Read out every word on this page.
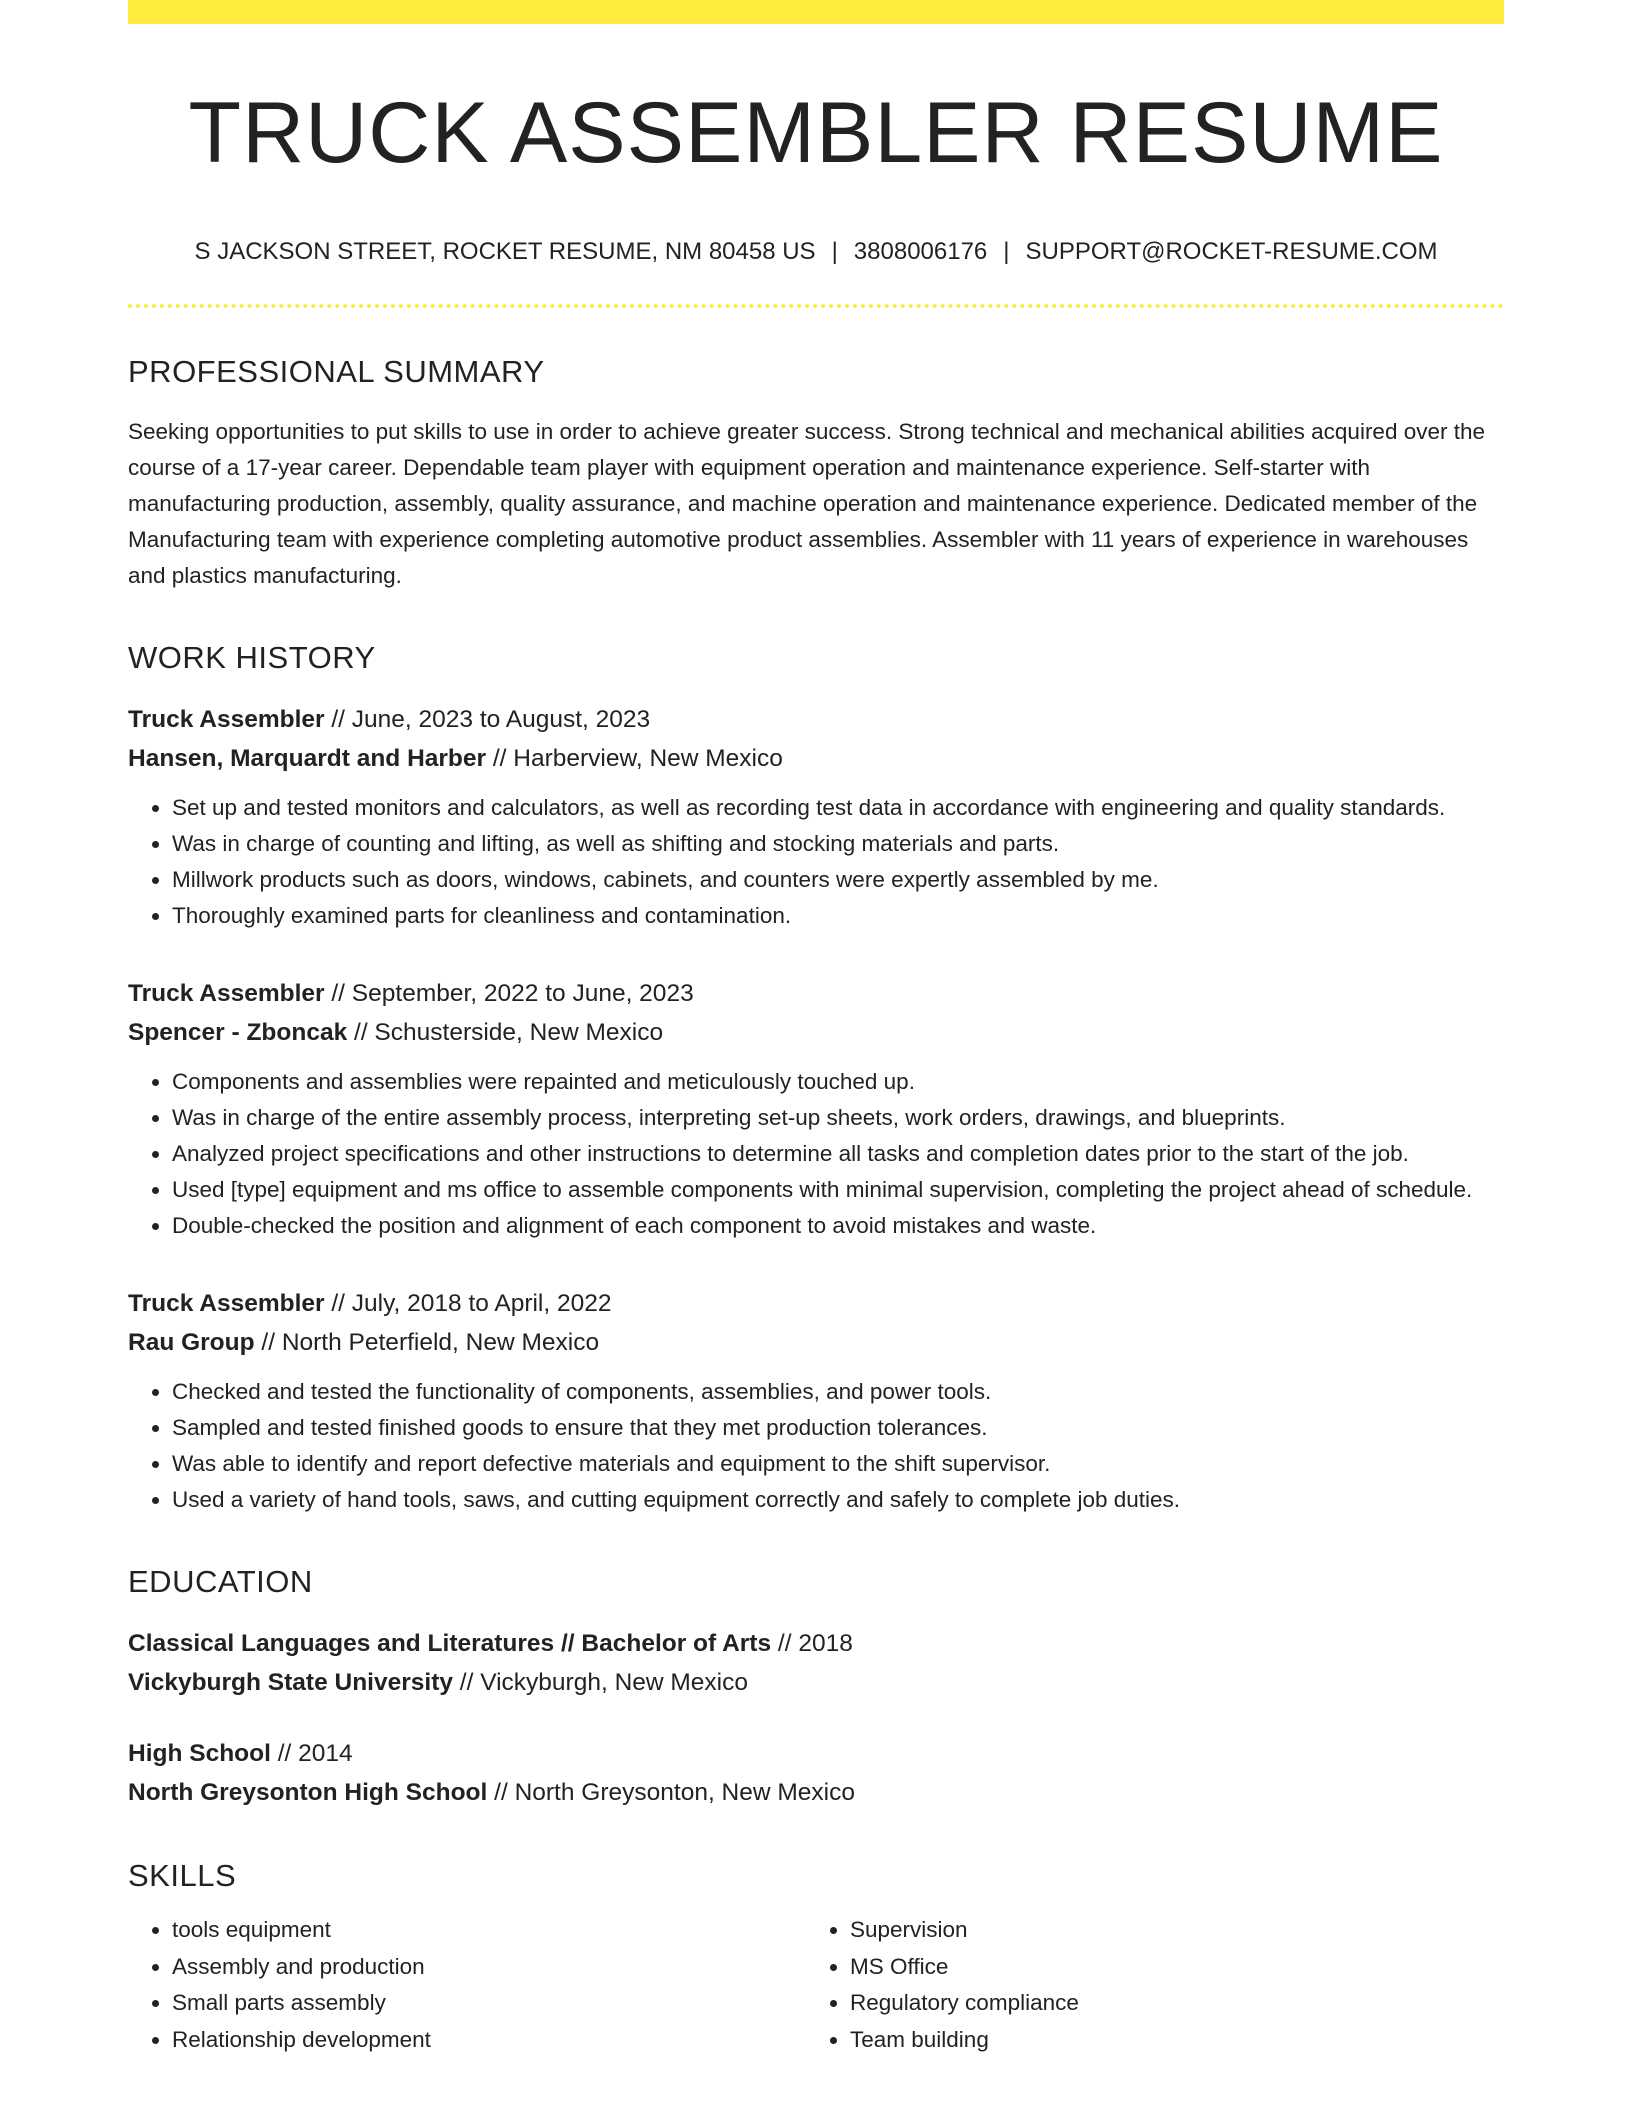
TRUCK ASSEMBLER RESUME
S JACKSON STREET, ROCKET RESUME, NM 80458 US | 3808006176 | SUPPORT@ROCKET-RESUME.COM
PROFESSIONAL SUMMARY
Seeking opportunities to put skills to use in order to achieve greater success. Strong technical and mechanical abilities acquired over the course of a 17-year career. Dependable team player with equipment operation and maintenance experience. Self-starter with manufacturing production, assembly, quality assurance, and machine operation and maintenance experience. Dedicated member of the Manufacturing team with experience completing automotive product assemblies. Assembler with 11 years of experience in warehouses and plastics manufacturing.
WORK HISTORY
Truck Assembler // June, 2023 to August, 2023
Hansen, Marquardt and Harber // Harberview, New Mexico
• Set up and tested monitors and calculators, as well as recording test data in accordance with engineering and quality standards.
• Was in charge of counting and lifting, as well as shifting and stocking materials and parts.
• Millwork products such as doors, windows, cabinets, and counters were expertly assembled by me.
• Thoroughly examined parts for cleanliness and contamination.
Truck Assembler // September, 2022 to June, 2023
Spencer - Zboncak // Schusterside, New Mexico
• Components and assemblies were repainted and meticulously touched up.
• Was in charge of the entire assembly process, interpreting set-up sheets, work orders, drawings, and blueprints.
• Analyzed project specifications and other instructions to determine all tasks and completion dates prior to the start of the job.
• Used [type] equipment and ms office to assemble components with minimal supervision, completing the project ahead of schedule.
• Double-checked the position and alignment of each component to avoid mistakes and waste.
Truck Assembler // July, 2018 to April, 2022
Rau Group // North Peterfield, New Mexico
• Checked and tested the functionality of components, assemblies, and power tools.
• Sampled and tested finished goods to ensure that they met production tolerances.
• Was able to identify and report defective materials and equipment to the shift supervisor.
• Used a variety of hand tools, saws, and cutting equipment correctly and safely to complete job duties.
EDUCATION
Classical Languages and Literatures // Bachelor of Arts // 2018
Vickyburgh State University // Vickyburgh, New Mexico
High School // 2014
North Greysonton High School // North Greysonton, New Mexico
SKILLS
• tools equipment
• Assembly and production
• Small parts assembly
• Relationship development
• Supervision
• MS Office
• Regulatory compliance
• Team building
